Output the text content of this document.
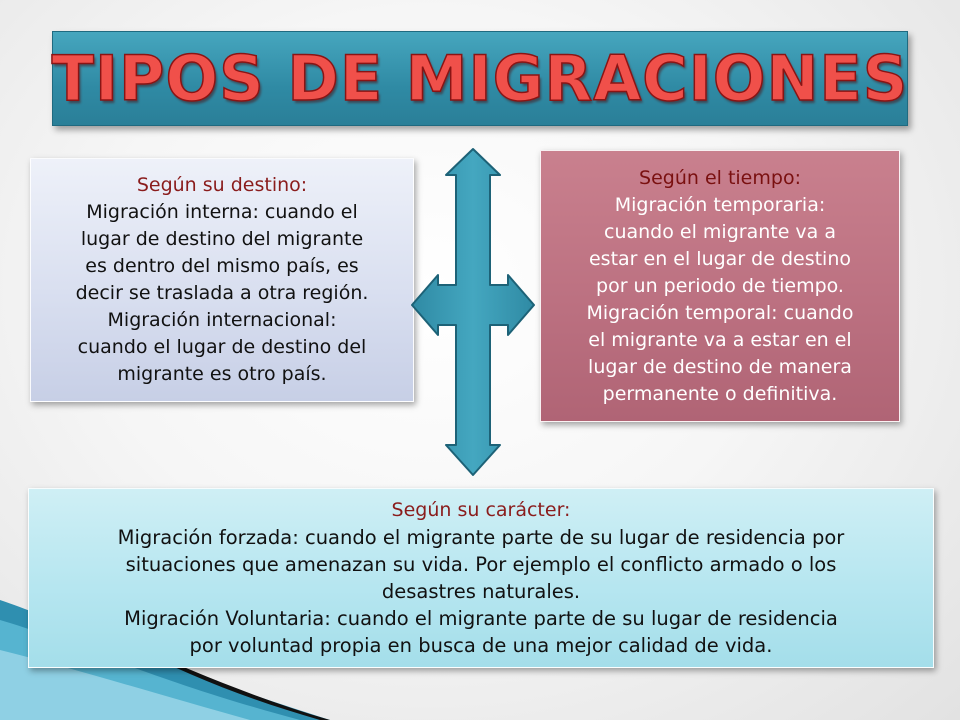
TIPOS DE MIGRACIONES
Según su destino:
Migración interna: cuando el
lugar de destino del migrante
es dentro del mismo país, es
decir se traslada a otra región.
Migración internacional:
cuando el lugar de destino del
migrante es otro país.
Según el tiempo:
Migración temporaria:
cuando el migrante va a
estar en el lugar de destino
por un periodo de tiempo.
Migración temporal: cuando
el migrante va a estar en el
lugar de destino de manera
permanente o definitiva.
Según su carácter:
Migración forzada: cuando el migrante parte de su lugar de residencia por
situaciones que amenazan su vida. Por ejemplo el conflicto armado o los
desastres naturales.
Migración Voluntaria: cuando el migrante parte de su lugar de residencia
por voluntad propia en busca de una mejor calidad de vida.
